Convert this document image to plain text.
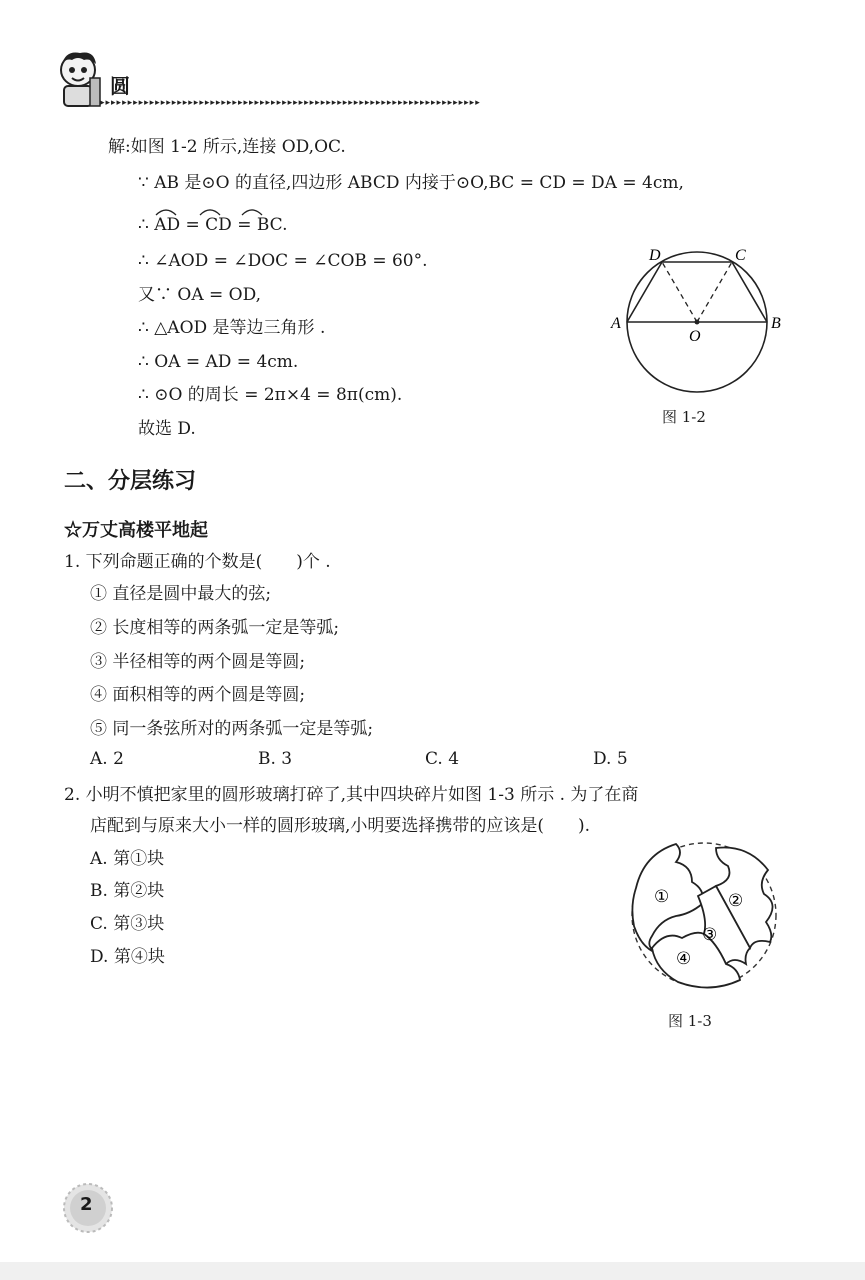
圆
▸▸▸▸▸▸▸▸▸▸▸▸▸▸▸▸▸▸▸▸▸▸▸▸▸▸▸▸▸▸▸▸▸▸▸▸▸▸▸▸▸▸▸▸▸▸▸▸▸▸▸▸▸▸▸▸▸▸▸▸▸▸▸▸▸▸▸▸▸
解:如图 1-2 所示,连接 OD,OC.
∵ AB 是⊙O 的直径,四边形 ABCD 内接于⊙O,BC = CD = DA = 4cm,
∴ AD = CD = BC.
∴ ∠AOD = ∠DOC = ∠COB = 60°.
又∵ OA = OD,
∴ △AOD 是等边三角形 .
∴ OA = AD = 4cm.
∴ ⊙O 的周长 = 2π×4 = 8π(cm).
故选 D.
D	C
A	B
O
图 1-2
二、分层练习
☆万丈高楼平地起
1. 下列命题正确的个数是(　　)个 .
① 直径是圆中最大的弦;
② 长度相等的两条弧一定是等弧;
③ 半径相等的两个圆是等圆;
④ 面积相等的两个圆是等圆;
⑤ 同一条弦所对的两条弧一定是等弧;
A. 2	B. 3	C. 4	D. 5
2. 小明不慎把家里的圆形玻璃打碎了,其中四块碎片如图 1-3 所示 . 为了在商
店配到与原来大小一样的圆形玻璃,小明要选择携带的应该是(　　).
A. 第①块
B. 第②块
C. 第③块
D. 第④块
①	②
③
④
图 1-3
2
